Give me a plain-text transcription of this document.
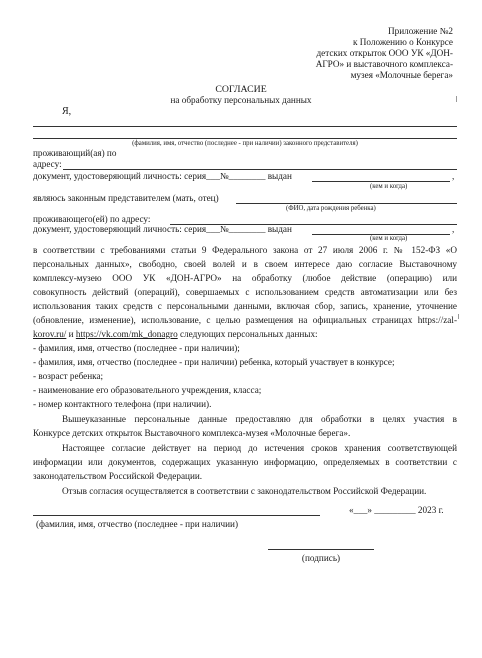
Приложение №2
к Положению о Конкурсе
детских открыток ООО УК «ДОН-
АГРО» и выставочного комплекса-
музея «Молочные берега»
СОГЛАСИЕ
на обработку персональных данных
Я,
(фамилия, имя, отчество (последнее - при наличии) законного представителя)
проживающий(ая) по
адресу:
документ, удостоверяющий личность: серия___№________ выдан	,
(кем и когда)
являюсь законным представителем (мать, отец)
(ФИО, дата рождения ребенка)
проживающего(ей) по адресу:
документ, удостоверяющий личность: серия___№________ выдан	,
(кем и когда)
в соответствии с требованиями статьи 9 Федерального закона от 27 июля 2006 г. № 152-ФЗ «О
персональных данных», свободно, своей волей и в своем интересе даю согласие Выставочному
комплексу-музею ООО УК «ДОН-АГРО» на обработку (любое действие (операцию) или
совокупность действий (операций), совершаемых с использованием средств автоматизации или без
использования таких средств с персональными данными, включая сбор, запись, хранение, уточнение
(обновление, изменение), использование, с целью размещения на официальных страницах https://zal-
korov.ru/ и https://vk.com/mk_donagro следующих персональных данных:
- фамилия, имя, отчество (последнее - при наличии);
- фамилия, имя, отчество (последнее - при наличии) ребенка, который участвует в конкурсе;
- возраст ребенка;
- наименование его образовательного учреждения, класса;
- номер контактного телефона (при наличии).
Вышеуказанные персональные данные предоставляю для обработки в целях участия в
Конкурсе детских открыток Выставочного комплекса-музея «Молочные берега».
Настоящее согласие действует на период до истечения сроков хранения соответствующей
информации или документов, содержащих указанную информацию, определяемых в соответствии с
законодательством Российской Федерации.
Отзыв согласия осуществляется в соответствии с законодательством Российской Федерации.
«___» _________ 2023 г.
(фамилия, имя, отчество (последнее - при наличии)
(подпись)
